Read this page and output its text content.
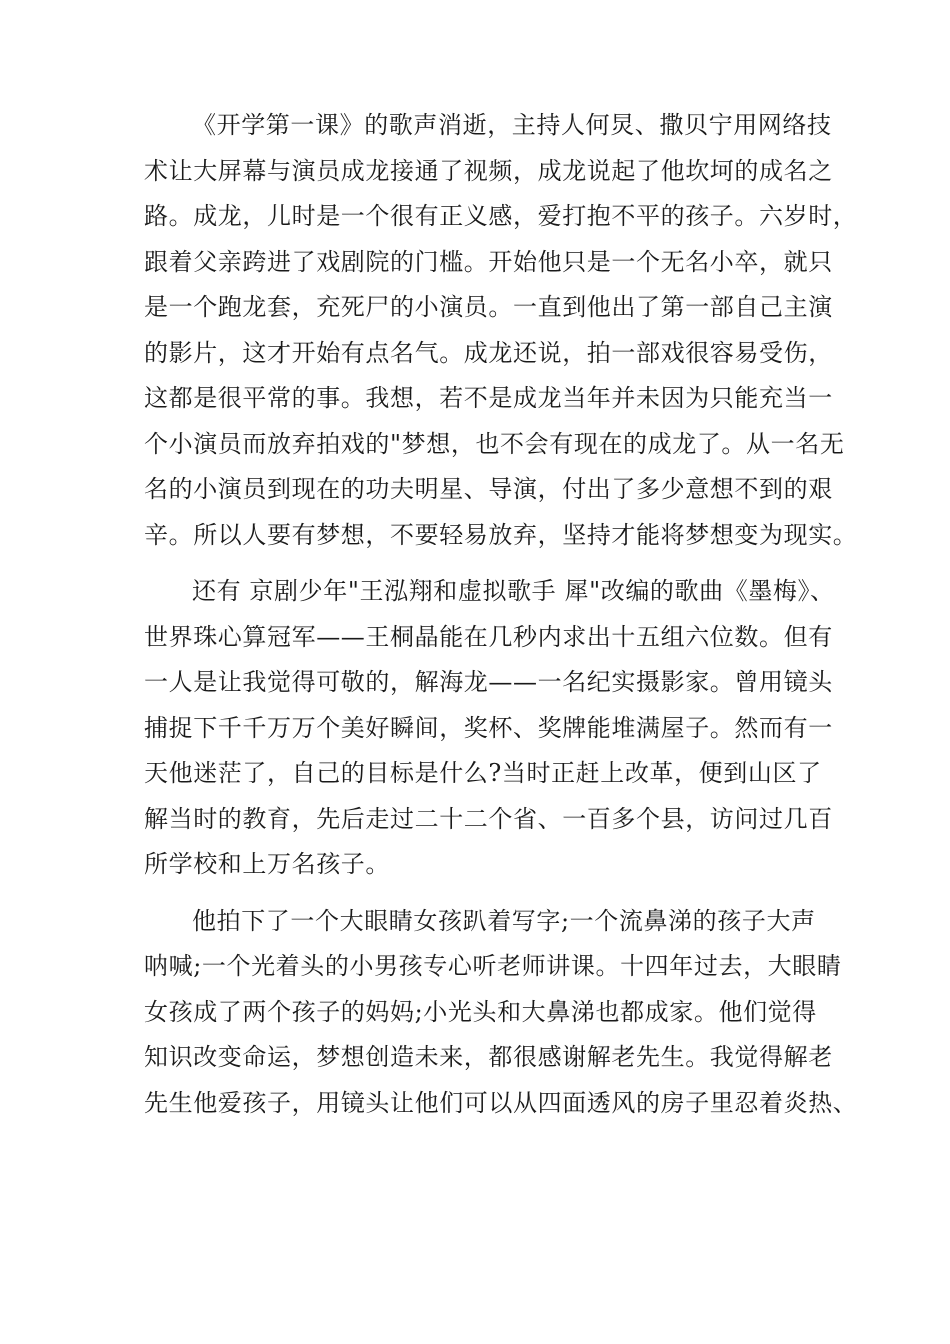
《开学第一课》的歌声消逝，主持人何炅、撒贝宁用网络技
术让大屏幕与演员成龙接通了视频，成龙说起了他坎坷的成名之
路。成龙，儿时是一个很有正义感，爱打抱不平的孩子。六岁时，
跟着父亲跨进了戏剧院的门槛。开始他只是一个无名小卒，就只
是一个跑龙套，充死尸的小演员。一直到他出了第一部自己主演
的影片，这才开始有点名气。成龙还说，拍一部戏很容易受伤，
这都是很平常的事。我想，若不是成龙当年并未因为只能充当一
个小演员而放弃拍戏的"梦想，也不会有现在的成龙了。从一名无
名的小演员到现在的功夫明星、导演，付出了多少意想不到的艰
辛。所以人要有梦想，不要轻易放弃，坚持才能将梦想变为现实。
还有 京剧少年"王泓翔和虚拟歌手 犀"改编的歌曲《墨梅》、
世界珠心算冠军——王桐晶能在几秒内求出十五组六位数。但有
一人是让我觉得可敬的，解海龙——一名纪实摄影家。曾用镜头
捕捉下千千万万个美好瞬间，奖杯、奖牌能堆满屋子。然而有一
天他迷茫了，自己的目标是什么?当时正赶上改革，便到山区了
解当时的教育，先后走过二十二个省、一百多个县，访问过几百
所学校和上万名孩子。
他拍下了一个大眼睛女孩趴着写字;一个流鼻涕的孩子大声
呐喊;一个光着头的小男孩专心听老师讲课。十四年过去，大眼睛
女孩成了两个孩子的妈妈;小光头和大鼻涕也都成家。他们觉得
知识改变命运，梦想创造未来，都很感谢解老先生。我觉得解老
先生他爱孩子，用镜头让他们可以从四面透风的房子里忍着炎热、
